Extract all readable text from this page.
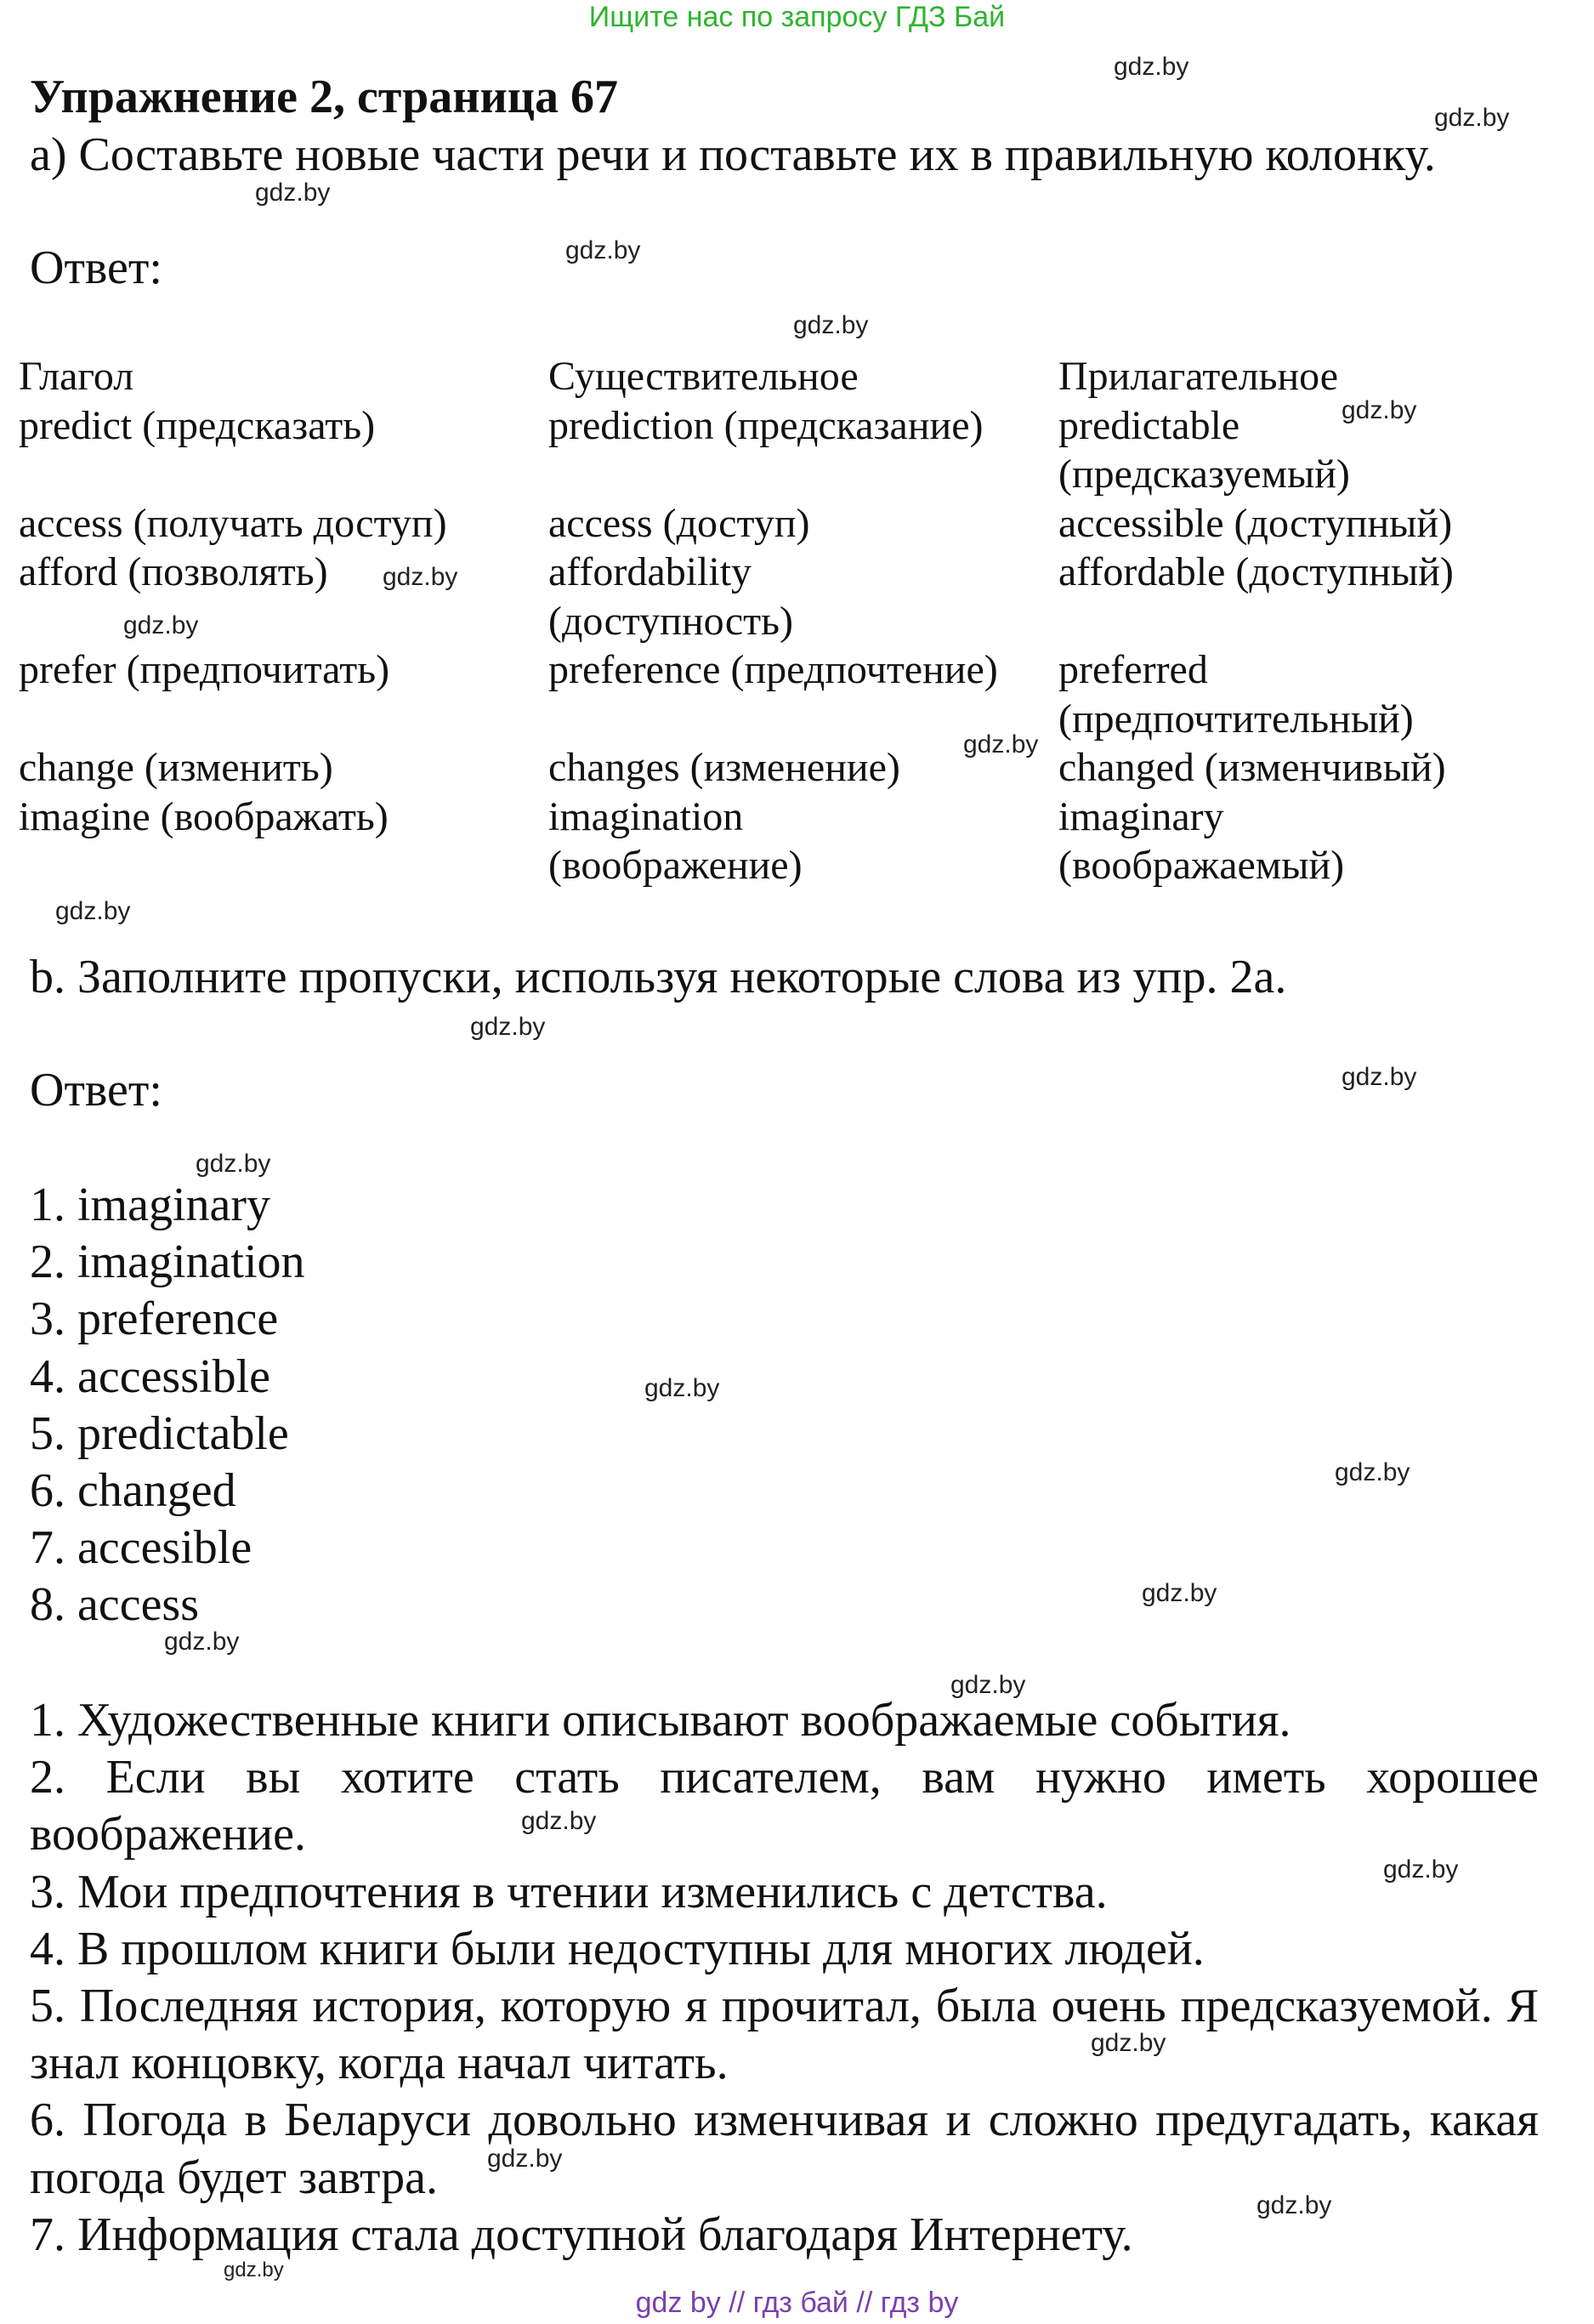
Ищите нас по запросу ГДЗ Бай
Упражнение 2, страница 67
а) Составьте новые части речи и поставьте их в правильную колонку.
Ответ:
Глагол
predict (предсказать)

access (получать доступ)
afford (позволять)

prefer (предпочитать)

change (изменить)
imagine (воображать)
Существительное
prediction (предсказание)

access (доступ)
affordability
(доступность)
preference (предпочтение)

changes (изменение)
imagination
(воображение)
Прилагательное
predictable
(предсказуемый)
accessible (доступный)
affordable (доступный)

preferred
(предпочтительный)
changed (изменчивый)
imaginary
(воображаемый)
b. Заполните пропуски, используя некоторые слова из упр. 2a.
Ответ:
1. imaginary
2. imagination
3. preference
4. accessible
5. predictable
6. changed
7. accesible
8. access
1. Художественные книги описывают воображаемые события.
2. Если вы хотите стать писателем, вам нужно иметь хорошее воображение.
3. Мои предпочтения в чтении изменились с детства.
4. В прошлом книги были недоступны для многих людей.
5. Последняя история, которую я прочитал, была очень предсказуемой. Я знал концовку, когда начал читать.
6. Погода в Беларуси довольно изменчивая и сложно предугадать, какая погода будет завтра.
7. Информация стала доступной благодаря Интернету.
gdz.by
gdz.by
gdz.by
gdz.by
gdz.by
gdz.by
gdz.by
gdz.by
gdz.by
gdz.by
gdz.by
gdz.by
gdz.by
gdz.by
gdz.by
gdz.by
gdz.by
gdz.by
gdz.by
gdz.by
gdz.by
gdz.by
gdz.by
gdz.by
gdz by // гдз бай // гдз by
